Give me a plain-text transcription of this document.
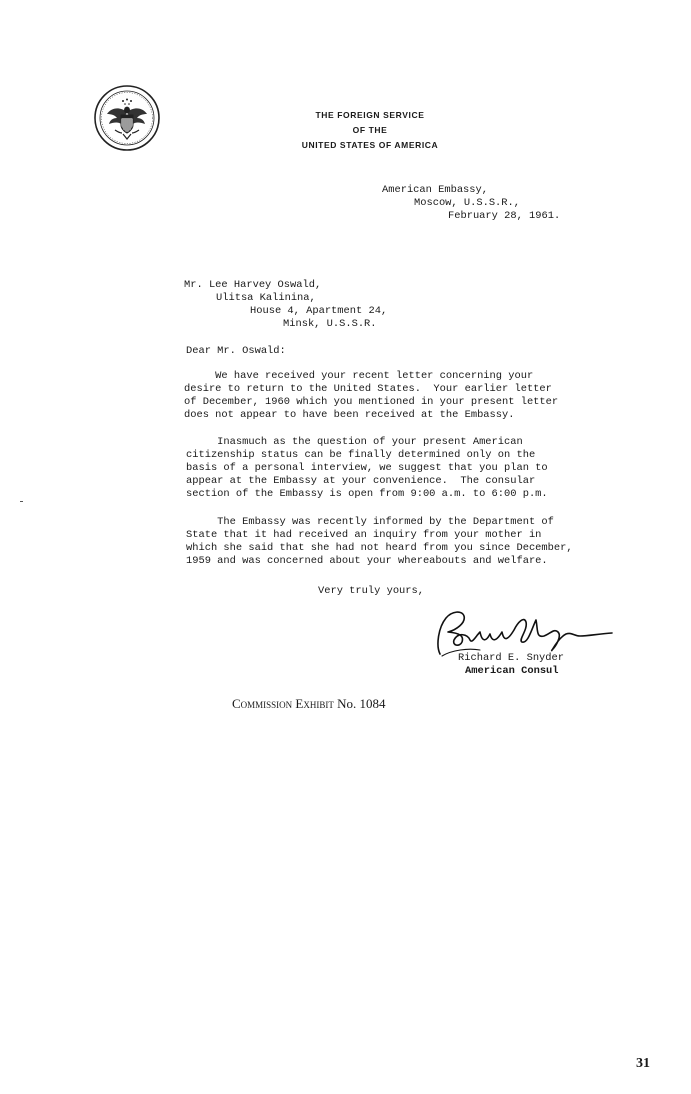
THE FOREIGN SERVICE
OF THE
UNITED STATES OF AMERICA
American Embassy,
Moscow, U.S.S.R.,
February 28, 1961.
Mr. Lee Harvey Oswald,
Ulitsa Kalinina,
House 4, Apartment 24,
Minsk, U.S.S.R.
Dear Mr. Oswald:
We have received your recent letter concerning your
desire to return to the United States.  Your earlier letter
of December, 1960 which you mentioned in your present letter
does not appear to have been received at the Embassy.
Inasmuch as the question of your present American
citizenship status can be finally determined only on the
basis of a personal interview, we suggest that you plan to
appear at the Embassy at your convenience.  The consular
section of the Embassy is open from 9:00 a.m. to 6:00 p.m.
The Embassy was recently informed by the Department of
State that it had received an inquiry from your mother in
which she said that she had not heard from you since December,
1959 and was concerned about your whereabouts and welfare.
Very truly yours,
Richard E. Snyder
American Consul
Commission Exhibit No. 1084
31
